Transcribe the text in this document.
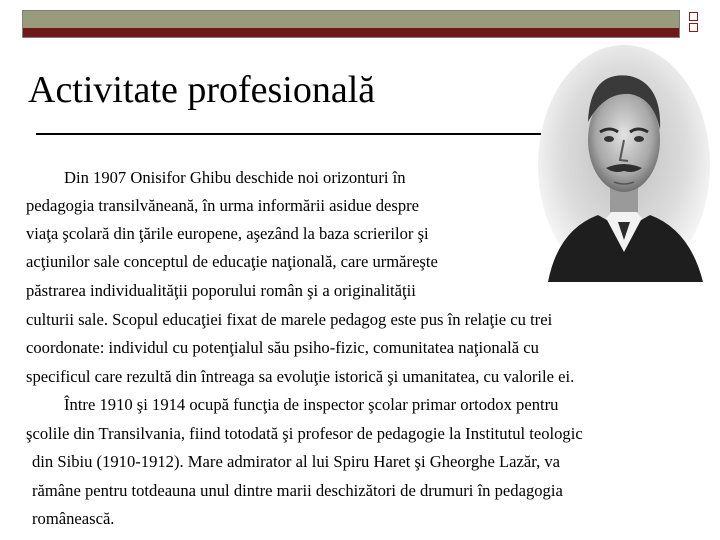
Activitate profesională
Din 1907 Onisifor Ghibu deschide noi orizonturi în
pedagogia transilvăneană, în urma informării asidue despre
viaţa şcolară din ţările europene, aşezând la baza scrierilor şi
acţiunilor sale conceptul de educaţie naţională, care urmăreşte
păstrarea individualităţii poporului român şi a originalităţii
culturii sale. Scopul educaţiei fixat de marele pedagog este pus în relaţie cu trei
coordonate: individul cu potenţialul său psiho-fizic, comunitatea naţională cu
specificul care rezultă din întreaga sa evoluţie istorică şi umanitatea, cu valorile ei.
Între 1910 şi 1914 ocupă funcţia de inspector şcolar primar ortodox pentru
şcolile din Transilvania, fiind totodată şi profesor de pedagogie la Institutul teologic
din Sibiu (1910-1912). Mare admirator al lui Spiru Haret şi Gheorghe Lazăr, va
rămâne pentru totdeauna unul dintre marii deschizători de drumuri în pedagogia
românească.
